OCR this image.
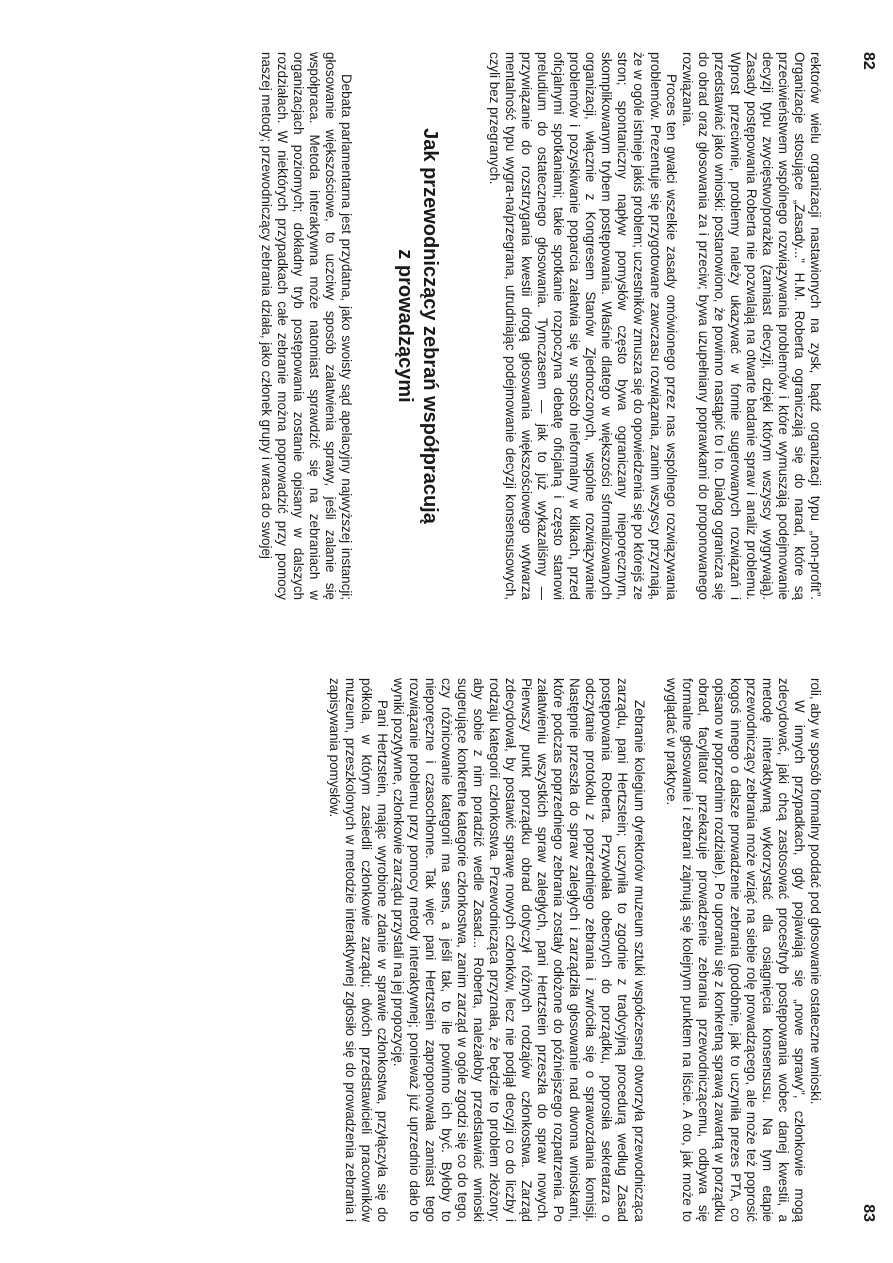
82

rektorów wielu organizacji nastawionych na zysk, bądź organizacji typu „non-profit”. Organizacje stosujące „Zasady...” H.M. Roberta ograniczają się do narad, które są przeciwieństwem wspólnego rozwiązywania problemów i które wymuszają podejmowanie decyzji typu zwycięstwo/porażka (zamiast decyzji, dzięki którym wszyscy wygrywają). Zasady postępowania Roberta nie pozwalają na otwarte badanie spraw i analiz problemu. Wprost przeciwnie, problemy należy ukazywać w formie sugerowanych rozwiązań i przedstawiać jako wnioski: postanowiono, że powinno nastąpić to i to. Dialog ogranicza się do obrad oraz głosowania za i przeciw; bywa uzupełniany poprawkami do proponowanego rozwiązania.

Proces ten gwałci wszelkie zasady omówionego przez nas wspólnego rozwiązywania problemów. Prezentuje się przygotowane zawczasu rozwiązania, zanim wszyscy przyznają, że w ogóle istnieje jakiś problem; uczestników zmusza się do opowiedzenia się po którejś ze stron; spontaniczny napływ pomysłów często bywa ograniczany nieporęcznym, skomplikowanym trybem postępowania. Właśnie dlatego w większości sformalizowanych organizacji, włącznie z Kongresem Stanów Zjednoczonych, wspólne rozwiązywanie problemów i pozyskiwanie poparcia załatwia się w sposób nieformalny w kilkach, przed oficjalnymi spotkaniami; takie spotkanie rozpoczyna debatę oficjalną i często stanowi preludium do ostatecznego głosowania. Tymczasem — jak to już wykazaliśmy — przywiązanie do rozstrzygania kwestii drogą głosowania większościowego wytwarza mentalność typu wygra-na/przegrana, utrudniając podejmowanie decyzji konsensusowych, czyli bez przegranych.

Jak przewodniczący zebrań współpracują
z prowadzącymi

Debata parlamentarna jest przydatna, jako swoisty sąd apelacyjny najwyższej instancji; głosowanie większościowe, to uczciwy sposób załatwienia sprawy, jeśli zalanie się współpraca. Metoda interaktywna może natomiast sprawdzić się na zebraniach w organizacjach poziomych; dokładny tryb postępowania zostanie opisany w dalszych rozdziałach. W niektórych przypadkach całe zebranie można poprowadzić przy pomocy naszej metody; przewodniczący zebrania działa, jako członek grupy i wraca do swojej

83

roli, aby w sposób formalny poddać pod głosowanie ostateczne wnioski.

W innych przypadkach, gdy pojawiają się „nowe sprawy”, członkowie mogą zdecydować, jaki chcą zastosować proces/tryb postępowania wobec danej kwestii, a metodę interaktywną wykorzystać dla osiągnięcia konsensusu. Na tym etapie przewodniczący zebrania może wziąć na siebie rolę prowadzącego, ale może też poprosić kogoś innego o dalsze prowadzenie zebrania (podobnie, jak to uczyniła prezes PTA, co opisano w poprzednim rozdziale). Po uporaniu się z konkretną sprawą zawartą w porządku obrad, facylitator przekazuje prowadzenie zebrania przewodniczącemu, odbywa się formalne głosowanie i zebrani zajmują się kolejnym punktem na liście. A oto, jak może to wyglądać w praktyce.

Zebranie kolegium dyrektorów muzeum sztuki współczesnej otworzyła przewodnicząca zarządu, pani Hertzstein; uczyniła to zgodnie z tradycyjną procedurą według Zasad postępowania Roberta. Przywołała obecnych do porządku, poprosiła sekretarza o odczytanie protokołu z poprzedniego zebrania i zwróciła się o sprawozdania komisji. Następnie przeszła do spraw zaległych i zarządziła głosowanie nad dwoma wnioskami, które podczas poprzedniego zebrania zostały odłożone do późniejszego rozpatrzenia. Po załatwieniu wszystkich spraw zaległych, pani Hertzstein przeszła do spraw nowych. Pierwszy punkt porządku obrad dotyczył różnych rodzajów członkostwa. Zarząd zdecydował, by postawić sprawę nowych członków, lecz nie podjął decyzji co do liczby i rodzaju kategorii członkostwa. Przewodnicząca przyznała, że będzie to problem złożony; aby sobie z nim poradzić wedle Zasad... Roberta, należałoby przedstawiać wnioski sugerujące konkretne kategorie członkostwa, zanim zarząd w ogóle zgodzi się co do tego, czy różnicowanie kategorii ma sens, a jeśli tak, to ile powinno ich być. Byłoby to nieporęczne i czasochłonne. Tak więc pani Hertzstein zaproponowała zamiast tego rozwiązanie problemu przy pomocy metody interaktywnej; ponieważ już uprzednio dało to wyniki pozytywne, członkowie zarządu przystali na jej propozycję.

Pani Hertzstein, mając wyrobione zdanie w sprawie członkostwa, przyłączyła się do półkola, w którym zasiedli członkowie zarządu; dwóch przedstawicieli pracowników muzeum, przeszkolonych w metodzie interaktywnej zgłosiło się do prowadzenia zebrania i zapisywania pomysłów.
